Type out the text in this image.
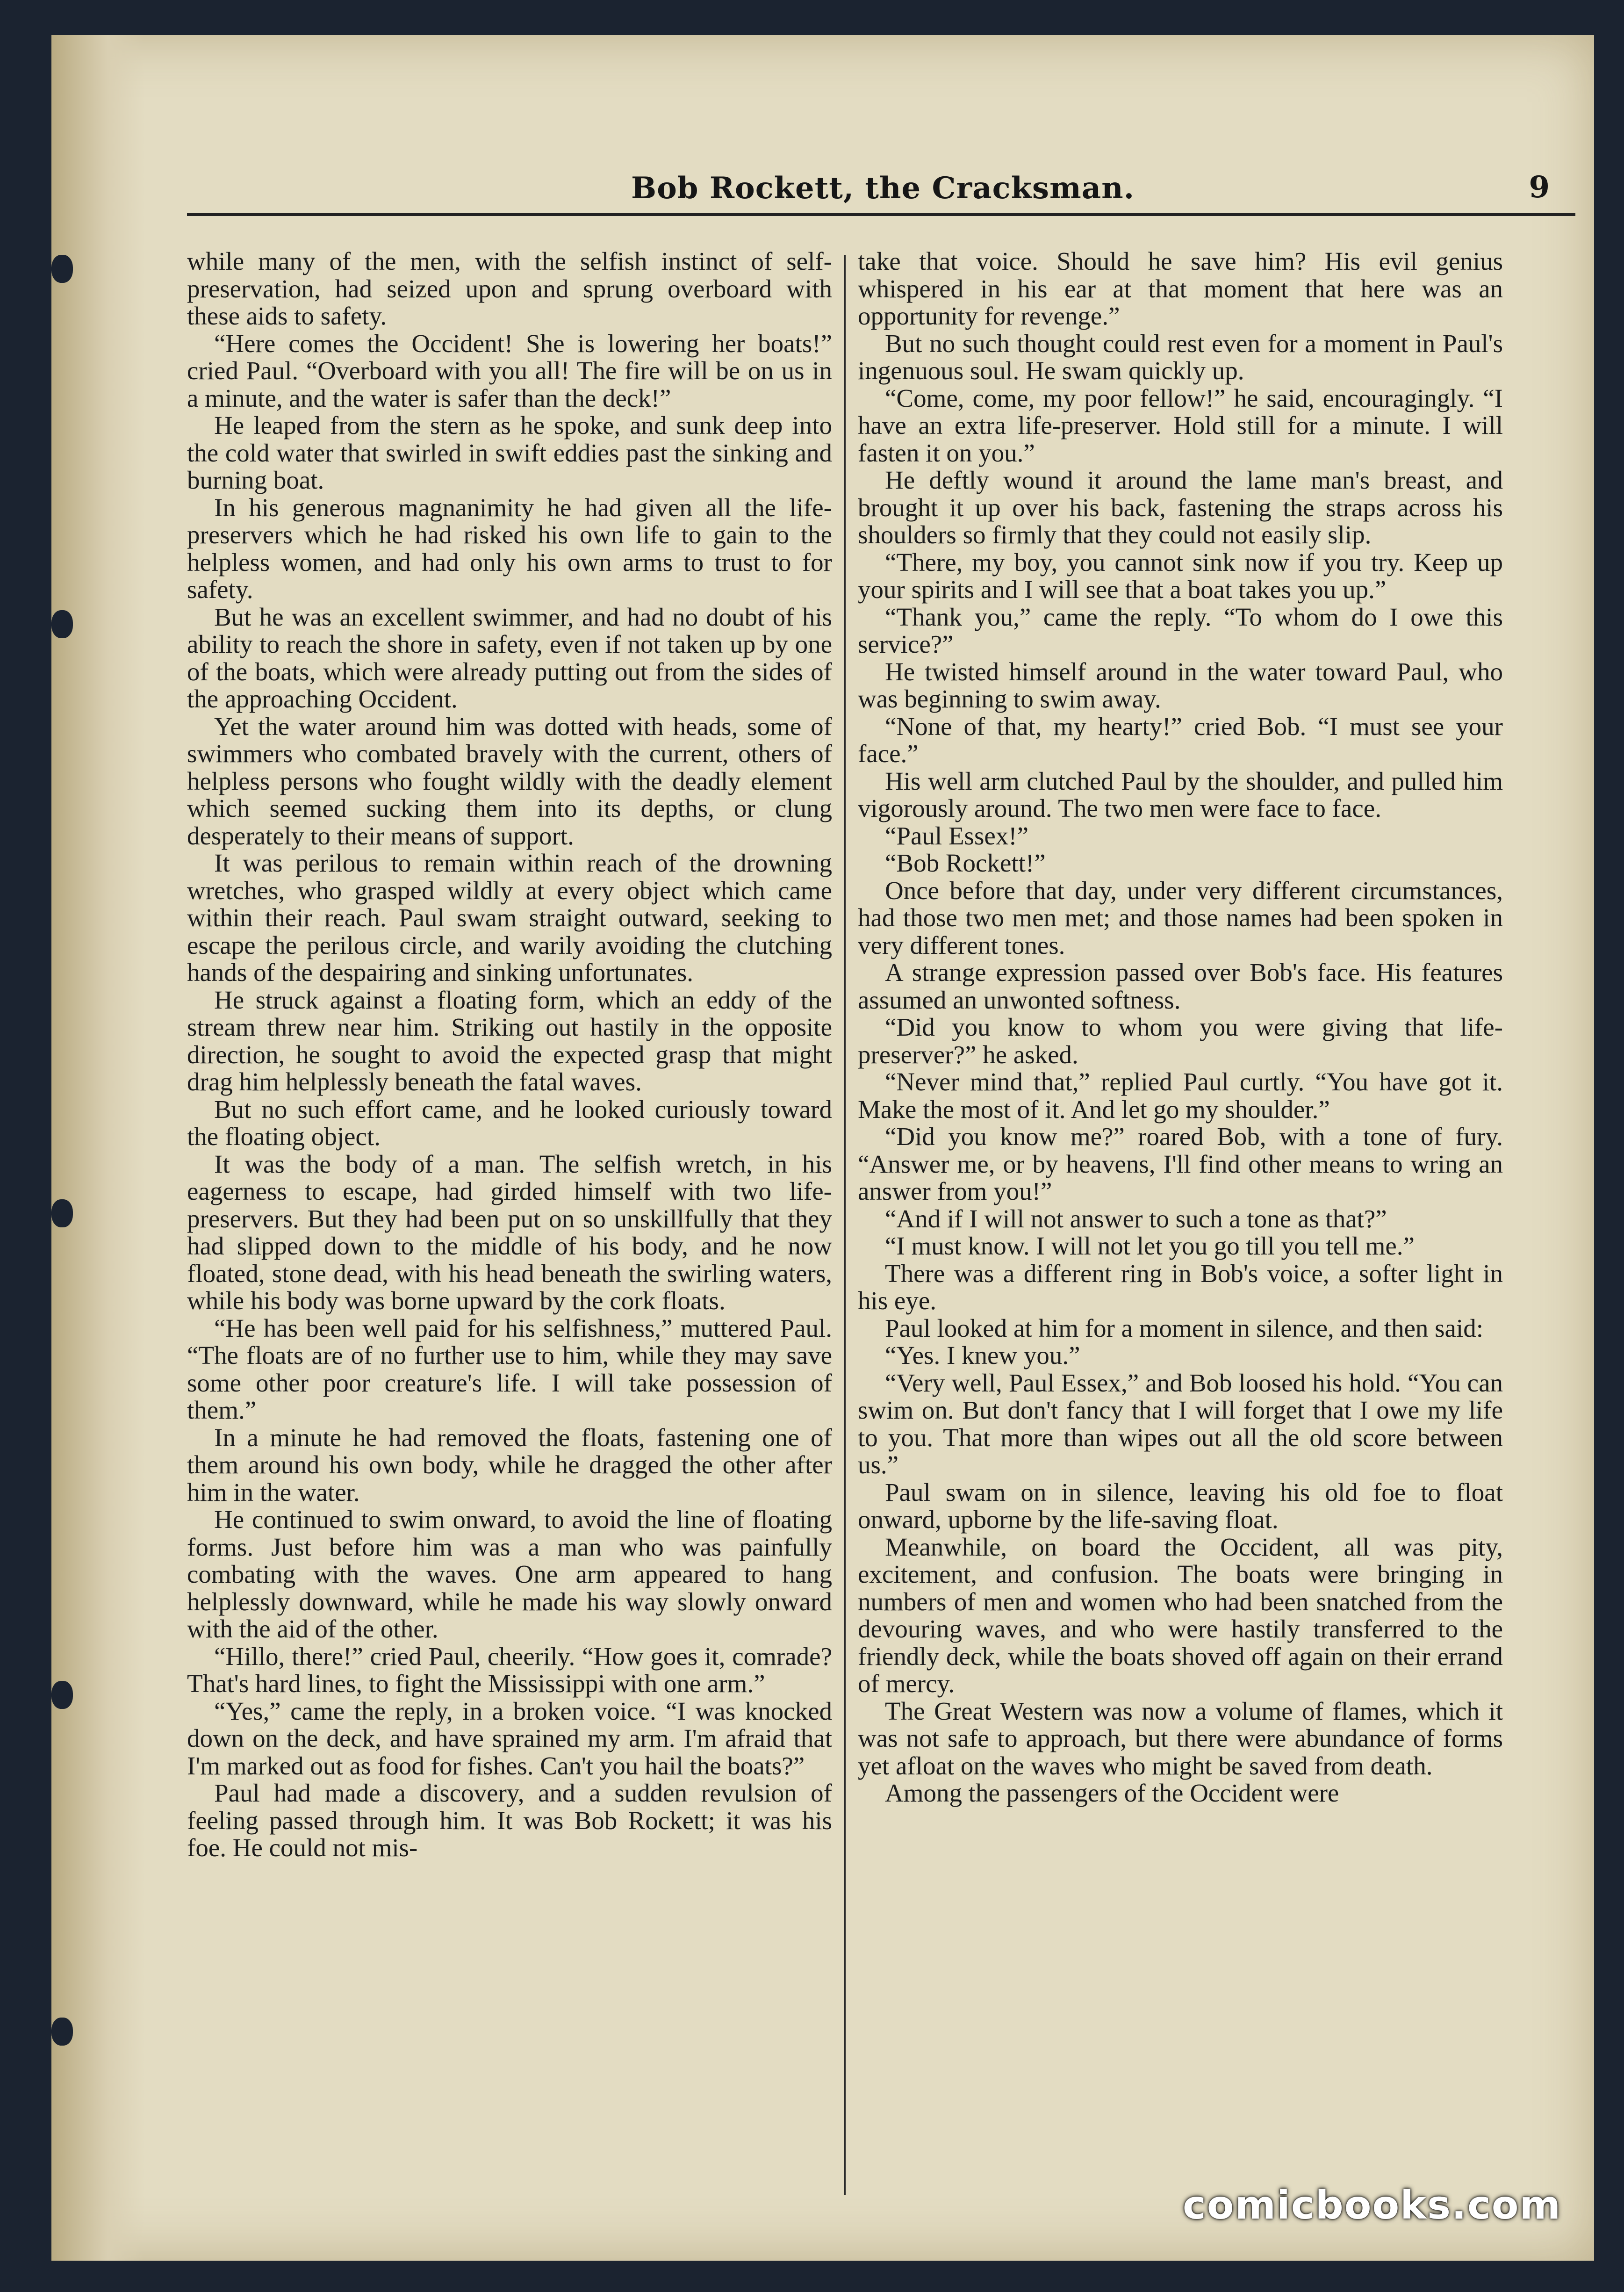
Bob Rockett, the Cracksman.	9

while many of the men, with the selfish instinct of self-preservation, had seized upon and sprung overboard with these aids to safety.

“Here comes the Occident! She is lowering her boats!” cried Paul. “Overboard with you all! The fire will be on us in a minute, and the water is safer than the deck!”

He leaped from the stern as he spoke, and sunk deep into the cold water that swirled in swift eddies past the sinking and burning boat.

In his generous magnanimity he had given all the life-preservers which he had risked his own life to gain to the helpless women, and had only his own arms to trust to for safety.

But he was an excellent swimmer, and had no doubt of his ability to reach the shore in safety, even if not taken up by one of the boats, which were already putting out from the sides of the approaching Occident.

Yet the water around him was dotted with heads, some of swimmers who combated bravely with the current, others of helpless persons who fought wildly with the deadly element which seemed sucking them into its depths, or clung desperately to their means of support.

It was perilous to remain within reach of the drowning wretches, who grasped wildly at every object which came within their reach. Paul swam straight outward, seeking to escape the perilous circle, and warily avoiding the clutching hands of the despairing and sinking unfortunates.

He struck against a floating form, which an eddy of the stream threw near him. Striking out hastily in the opposite direction, he sought to avoid the expected grasp that might drag him helplessly beneath the fatal waves.

But no such effort came, and he looked curiously toward the floating object.

It was the body of a man. The selfish wretch, in his eagerness to escape, had girded himself with two life-preservers. But they had been put on so unskillfully that they had slipped down to the middle of his body, and he now floated, stone dead, with his head beneath the swirling waters, while his body was borne upward by the cork floats.

“He has been well paid for his selfishness,” muttered Paul. “The floats are of no further use to him, while they may save some other poor creature's life. I will take possession of them.”

In a minute he had removed the floats, fastening one of them around his own body, while he dragged the other after him in the water.

He continued to swim onward, to avoid the line of floating forms. Just before him was a man who was painfully combating with the waves. One arm appeared to hang helplessly downward, while he made his way slowly onward with the aid of the other.

“Hillo, there!” cried Paul, cheerily. “How goes it, comrade? That's hard lines, to fight the Mississippi with one arm.”

“Yes,” came the reply, in a broken voice. “I was knocked down on the deck, and have sprained my arm. I'm afraid that I'm marked out as food for fishes. Can't you hail the boats?”

Paul had made a discovery, and a sudden revulsion of feeling passed through him. It was Bob Rockett; it was his foe. He could not mis-

take that voice. Should he save him? His evil genius whispered in his ear at that moment that here was an opportunity for revenge.”

But no such thought could rest even for a moment in Paul's ingenuous soul. He swam quickly up.

“Come, come, my poor fellow!” he said, encouragingly. “I have an extra life-preserver. Hold still for a minute. I will fasten it on you.”

He deftly wound it around the lame man's breast, and brought it up over his back, fastening the straps across his shoulders so firmly that they could not easily slip.

“There, my boy, you cannot sink now if you try. Keep up your spirits and I will see that a boat takes you up.”

“Thank you,” came the reply. “To whom do I owe this service?”

He twisted himself around in the water toward Paul, who was beginning to swim away.

“None of that, my hearty!” cried Bob. “I must see your face.”

His well arm clutched Paul by the shoulder, and pulled him vigorously around. The two men were face to face.

“Paul Essex!”

“Bob Rockett!”

Once before that day, under very different circumstances, had those two men met; and those names had been spoken in very different tones.

A strange expression passed over Bob's face. His features assumed an unwonted softness.

“Did you know to whom you were giving that life-preserver?” he asked.

“Never mind that,” replied Paul curtly. “You have got it. Make the most of it. And let go my shoulder.”

“Did you know me?” roared Bob, with a tone of fury. “Answer me, or by heavens, I'll find other means to wring an answer from you!”

“And if I will not answer to such a tone as that?”

“I must know. I will not let you go till you tell me.”

There was a different ring in Bob's voice, a softer light in his eye.

Paul looked at him for a moment in silence, and then said:

“Yes. I knew you.”

“Very well, Paul Essex,” and Bob loosed his hold. “You can swim on. But don't fancy that I will forget that I owe my life to you. That more than wipes out all the old score between us.”

Paul swam on in silence, leaving his old foe to float onward, upborne by the life-saving float.

Meanwhile, on board the Occident, all was pity, excitement, and confusion. The boats were bringing in numbers of men and women who had been snatched from the devouring waves, and who were hastily transferred to the friendly deck, while the boats shoved off again on their errand of mercy.

The Great Western was now a volume of flames, which it was not safe to approach, but there were abundance of forms yet afloat on the waves who might be saved from death.

Among the passengers of the Occident were

comicbooks.com
